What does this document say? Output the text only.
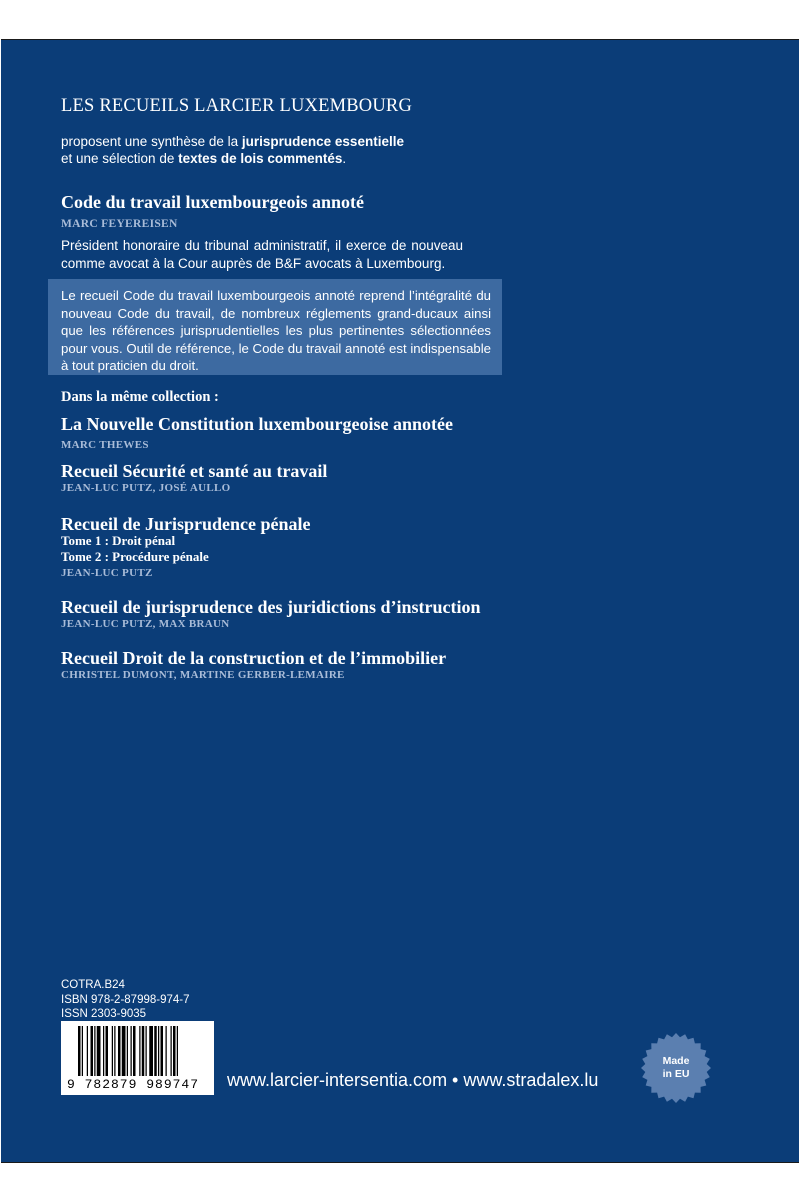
LES RECUEILS LARCIER LUXEMBOURG
proposent une synthèse de la jurisprudence essentielle
et une sélection de textes de lois commentés.
Code du travail luxembourgeois annoté
MARC FEYEREISEN
Président honoraire du tribunal administratif, il exerce de nouveau
comme avocat à la Cour auprès de B&F avocats à Luxembourg.
Le recueil Code du travail luxembourgeois annoté reprend l’intégralité du
nouveau Code du travail, de nombreux réglements grand-ducaux ainsi
que les références jurisprudentielles les plus pertinentes sélectionnées
pour vous. Outil de référence, le Code du travail annoté est indispensable
à tout praticien du droit.
Dans la même collection :
La Nouvelle Constitution luxembourgeoise annotée
MARC THEWES
Recueil Sécurité et santé au travail
JEAN-LUC PUTZ, JOSÉ AULLO
Recueil de Jurisprudence pénale
Tome 1 : Droit pénal
Tome 2 : Procédure pénale
JEAN-LUC PUTZ
Recueil de jurisprudence des juridictions d’instruction
JEAN-LUC PUTZ, MAX BRAUN
Recueil Droit de la construction et de l’immobilier
CHRISTEL DUMONT, MARTINE GERBER-LEMAIRE
COTRA.B24
ISBN 978-2-87998-974-7
ISSN 2303-9035
9 782879 989747 www.larcier-intersentia.com • www.stradalex.lu
Made
in EU
